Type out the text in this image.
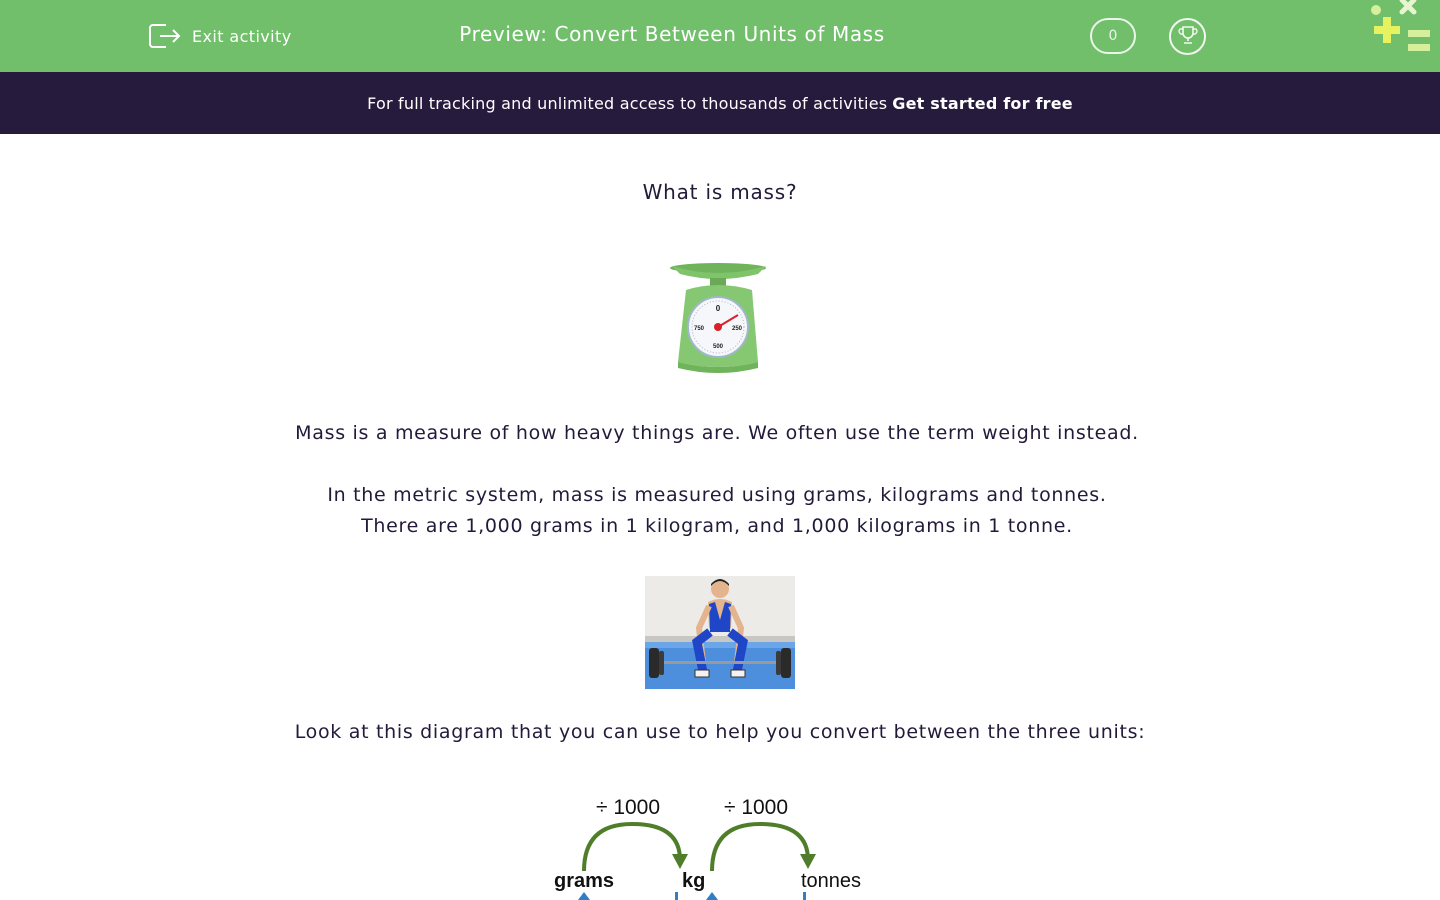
Exit activity	Preview: Convert Between Units of Mass	0
For full tracking and unlimited access to thousands of activities Get started for free
What is mass?
0
250
500
750
Mass is a measure of how heavy things are. We often use the term weight instead.
In the metric system, mass is measured using grams, kilograms and tonnes.
There are 1,000 grams in 1 kilogram, and 1,000 kilograms in 1 tonne.
Look at this diagram that you can use to help you convert between the three units:
÷ 1000	÷ 1000
grams	kg	tonnes
